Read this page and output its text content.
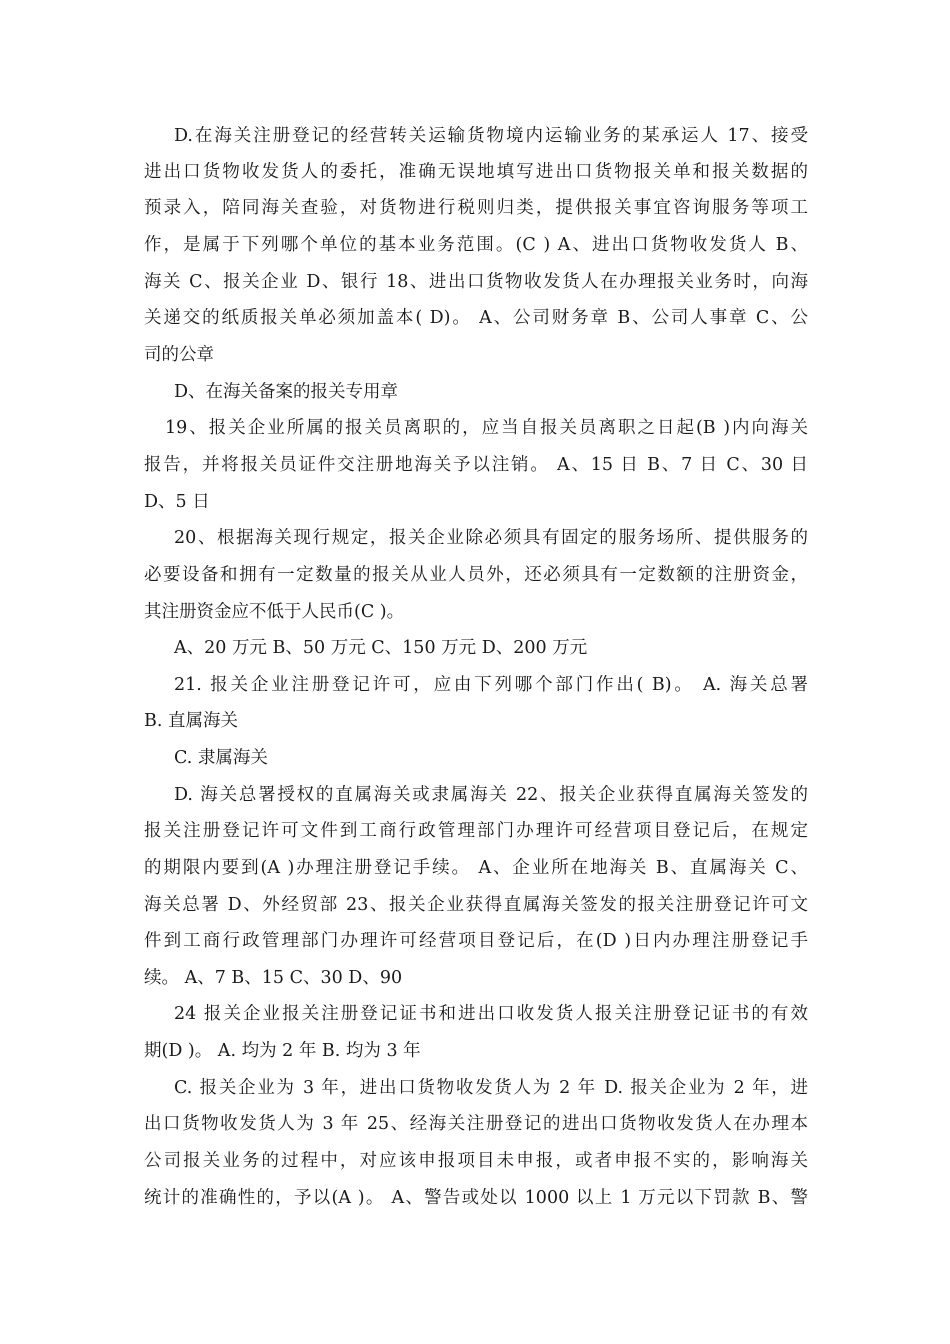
D.在海关注册登记的经营转关运输货物境内运输业务的某承运人 17、接受
进出口货物收发货人的委托，准确无误地填写进出口货物报关单和报关数据的
预录入，陪同海关查验，对货物进行税则归类，提供报关事宜咨询服务等项工
作，是属于下列哪个单位的基本业务范围。(C ) A、进出口货物收发货人 B、
海关 C、报关企业 D、银行 18、进出口货物收发货人在办理报关业务时，向海
关递交的纸质报关单必须加盖本( D)。 A、公司财务章 B、公司人事章 C、公
司的公章
D、在海关备案的报关专用章
19、报关企业所属的报关员离职的，应当自报关员离职之日起(B )内向海关
报告，并将报关员证件交注册地海关予以注销。 A、15 日 B、7 日 C、30 日
D、5 日
20、根据海关现行规定，报关企业除必须具有固定的服务场所、提供服务的
必要设备和拥有一定数量的报关从业人员外，还必须具有一定数额的注册资金，
其注册资金应不低于人民币(C )。
A、20 万元 B、50 万元 C、150 万元 D、200 万元
21. 报关企业注册登记许可，应由下列哪个部门作出( B)。 A. 海关总署
B. 直属海关
C. 隶属海关
D. 海关总署授权的直属海关或隶属海关 22、报关企业获得直属海关签发的
报关注册登记许可文件到工商行政管理部门办理许可经营项目登记后，在规定
的期限内要到(A )办理注册登记手续。 A、企业所在地海关 B、直属海关 C、
海关总署 D、外经贸部 23、报关企业获得直属海关签发的报关注册登记许可文
件到工商行政管理部门办理许可经营项目登记后，在(D )日内办理注册登记手
续。 A、7 B、15 C、30 D、90
24 报关企业报关注册登记证书和进出口收发货人报关注册登记证书的有效
期(D )。 A. 均为 2 年 B. 均为 3 年
C. 报关企业为 3 年，进出口货物收发货人为 2 年 D. 报关企业为 2 年，进
出口货物收发货人为 3 年 25、经海关注册登记的进出口货物收发货人在办理本
公司报关业务的过程中，对应该申报项目未申报，或者申报不实的，影响海关
统计的准确性的，予以(A )。 A、警告或处以 1000 以上 1 万元以下罚款 B、警
